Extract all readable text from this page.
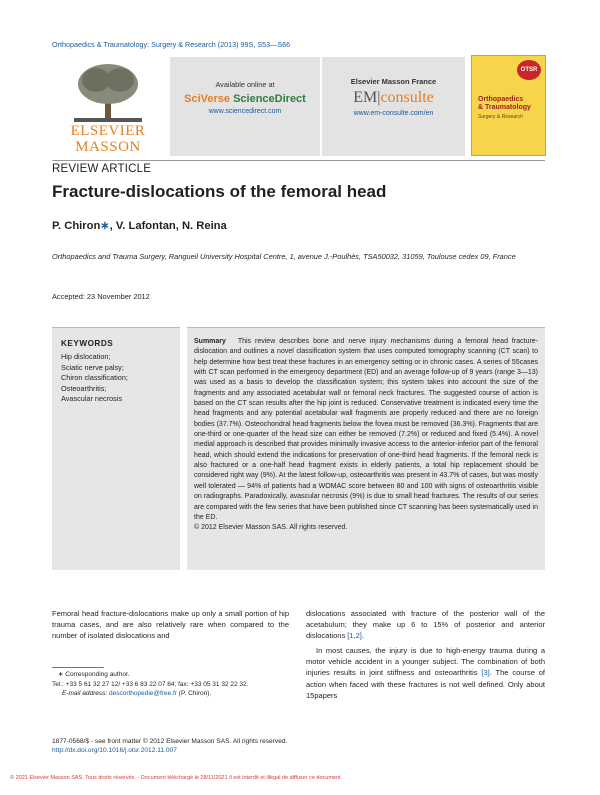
Orthopaedics & Traumatology: Surgery & Research (2013) 99S, S53—S66
ELSEVIER
MASSON
Available online at
SciVerse ScienceDirect
www.sciencedirect.com
Elsevier Masson France
EM|consulte
www.em-consulte.com/en
OTSR
Orthopaedics
& Traumatology
Surgery & Research
REVIEW ARTICLE
Fracture-dislocations of the femoral head
P. Chiron∗, V. Lafontan, N. Reina
Orthopaedics and Trauma Surgery, Rangueil University Hospital Centre, 1, avenue J.-Poulhès, TSA50032, 31059, Toulouse cedex 09, France
Accepted: 23 November 2012
KEYWORDS
Hip dislocation;
Sciatic nerve palsy;
Chiron classification;
Osteoarthritis;
Avascular necrosis
Summary This review describes bone and nerve injury mechanisms during a femoral head fracture-dislocation and outlines a novel classification system that uses computed tomography scanning (CT scan) to help determine how best treat these fractures in an emergency setting or in chronic cases. A series of 55cases with CT scan performed in the emergency department (ED) and an average follow-up of 9 years (range 3—13) was used as a basis to develop the classification system; this system takes into account the size of the fragments and any associated acetabular wall or femoral neck fractures. The suggested course of action is based on the CT scan results after the hip joint is reduced. Conservative treatment is indicated every time the head fragments and any potential acetabular wall fragments are properly reduced and there are no foreign bodies (37.7%). Osteochondral head fragments below the fovea must be removed (36.3%). Fragments that are one-third or one-quarter of the head size can either be removed (7.2%) or reduced and fixed (5.4%). A novel medial approach is described that provides minimally invasive access to the anterior-inferior part of the femoral head, which should extend the indications for preservation of one-third head fragments. If the femoral neck is also fractured or a one-half head fragment exists in elderly patients, a total hip replacement should be considered right way (9%). At the latest follow-up, osteoarthritis was present in 43.7% of cases, but was mostly well tolerated — 94% of patients had a WOMAC score between 80 and 100 with signs of osteoarthritis visible on radiographs. Paradoxically, avascular necrosis (9%) is due to small head fractures. The results of our series are compared with the few series that have been published since CT scanning has been systematically used in the ED.
© 2012 Elsevier Masson SAS. All rights reserved.
Femoral head fracture-dislocations make up only a small portion of hip trauma cases, and are also relatively rare when compared to the number of isolated dislocations and

dislocations associated with fracture of the posterior wall of the acetabulum; they make up 6 to 15% of posterior and anterior dislocations [1,2].

In most causes, the injury is due to high-energy trauma during a motor vehicle accident in a younger subject. The combination of both injuries results in joint stiffness and osteoarthritis [3]. The course of action when faced with these fractures is not well defined. Only about 15papers

∗ Corresponding author.
Tel.: +33 5 61 32 27 12/ +33 6 83 22 07 84; fax: +33 05 31 32 22 32.
E-mail address: descorthopedie@free.fr (P. Chiron).
1877-0568/$ - see front matter © 2012 Elsevier Masson SAS. All rights reserved.
http://dx.doi.org/10.1016/j.otsr.2012.11.007
© 2021 Elsevier Masson SAS. Tous droits réservés. - Document téléchargé le 28/11/2021 Il est interdit et illégal de diffuser ce document.
